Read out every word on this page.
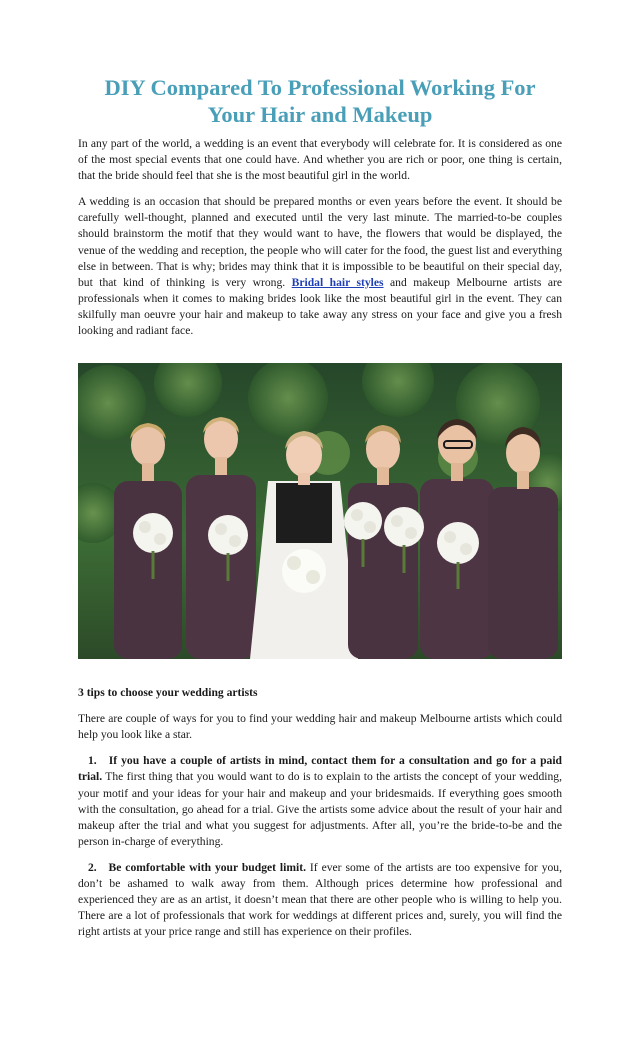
DIY Compared To Professional Working For
Your Hair and Makeup

In any part of the world, a wedding is an event that everybody will celebrate for. It is considered as one of the most special events that one could have. And whether you are rich or poor, one thing is certain, that the bride should feel that she is the most beautiful girl in the world.

A wedding is an occasion that should be prepared months or even years before the event. It should be carefully well-thought, planned and executed until the very last minute. The married-to-be couples should brainstorm the motif that they would want to have, the flowers that would be displayed, the venue of the wedding and reception, the people who will cater for the food, the guest list and everything else in between. That is why; brides may think that it is impossible to be beautiful on their special day, but that kind of thinking is very wrong. Bridal hair styles and makeup Melbourne artists are professionals when it comes to making brides look like the most beautiful girl in the event. They can skilfully man oeuvre your hair and makeup to take away any stress on your face and give you a fresh looking and radiant face.

3 tips to choose your wedding artists

There are couple of ways for you to find your wedding hair and makeup Melbourne artists which could help you look like a star.

1. If you have a couple of artists in mind, contact them for a consultation and go for a paid trial. The first thing that you would want to do is to explain to the artists the concept of your wedding, your motif and your ideas for your hair and makeup and your bridesmaids. If everything goes smooth with the consultation, go ahead for a trial. Give the artists some advice about the result of your hair and makeup after the trial and what you suggest for adjustments. After all, you’re the bride-to-be and the person in-charge of everything.

2. Be comfortable with your budget limit. If ever some of the artists are too expensive for you, don’t be ashamed to walk away from them. Although prices determine how professional and experienced they are as an artist, it doesn’t mean that there are other people who is willing to help you. There are a lot of professionals that work for weddings at different prices and, surely, you will find the right artists at your price range and still has experience on their profiles.
